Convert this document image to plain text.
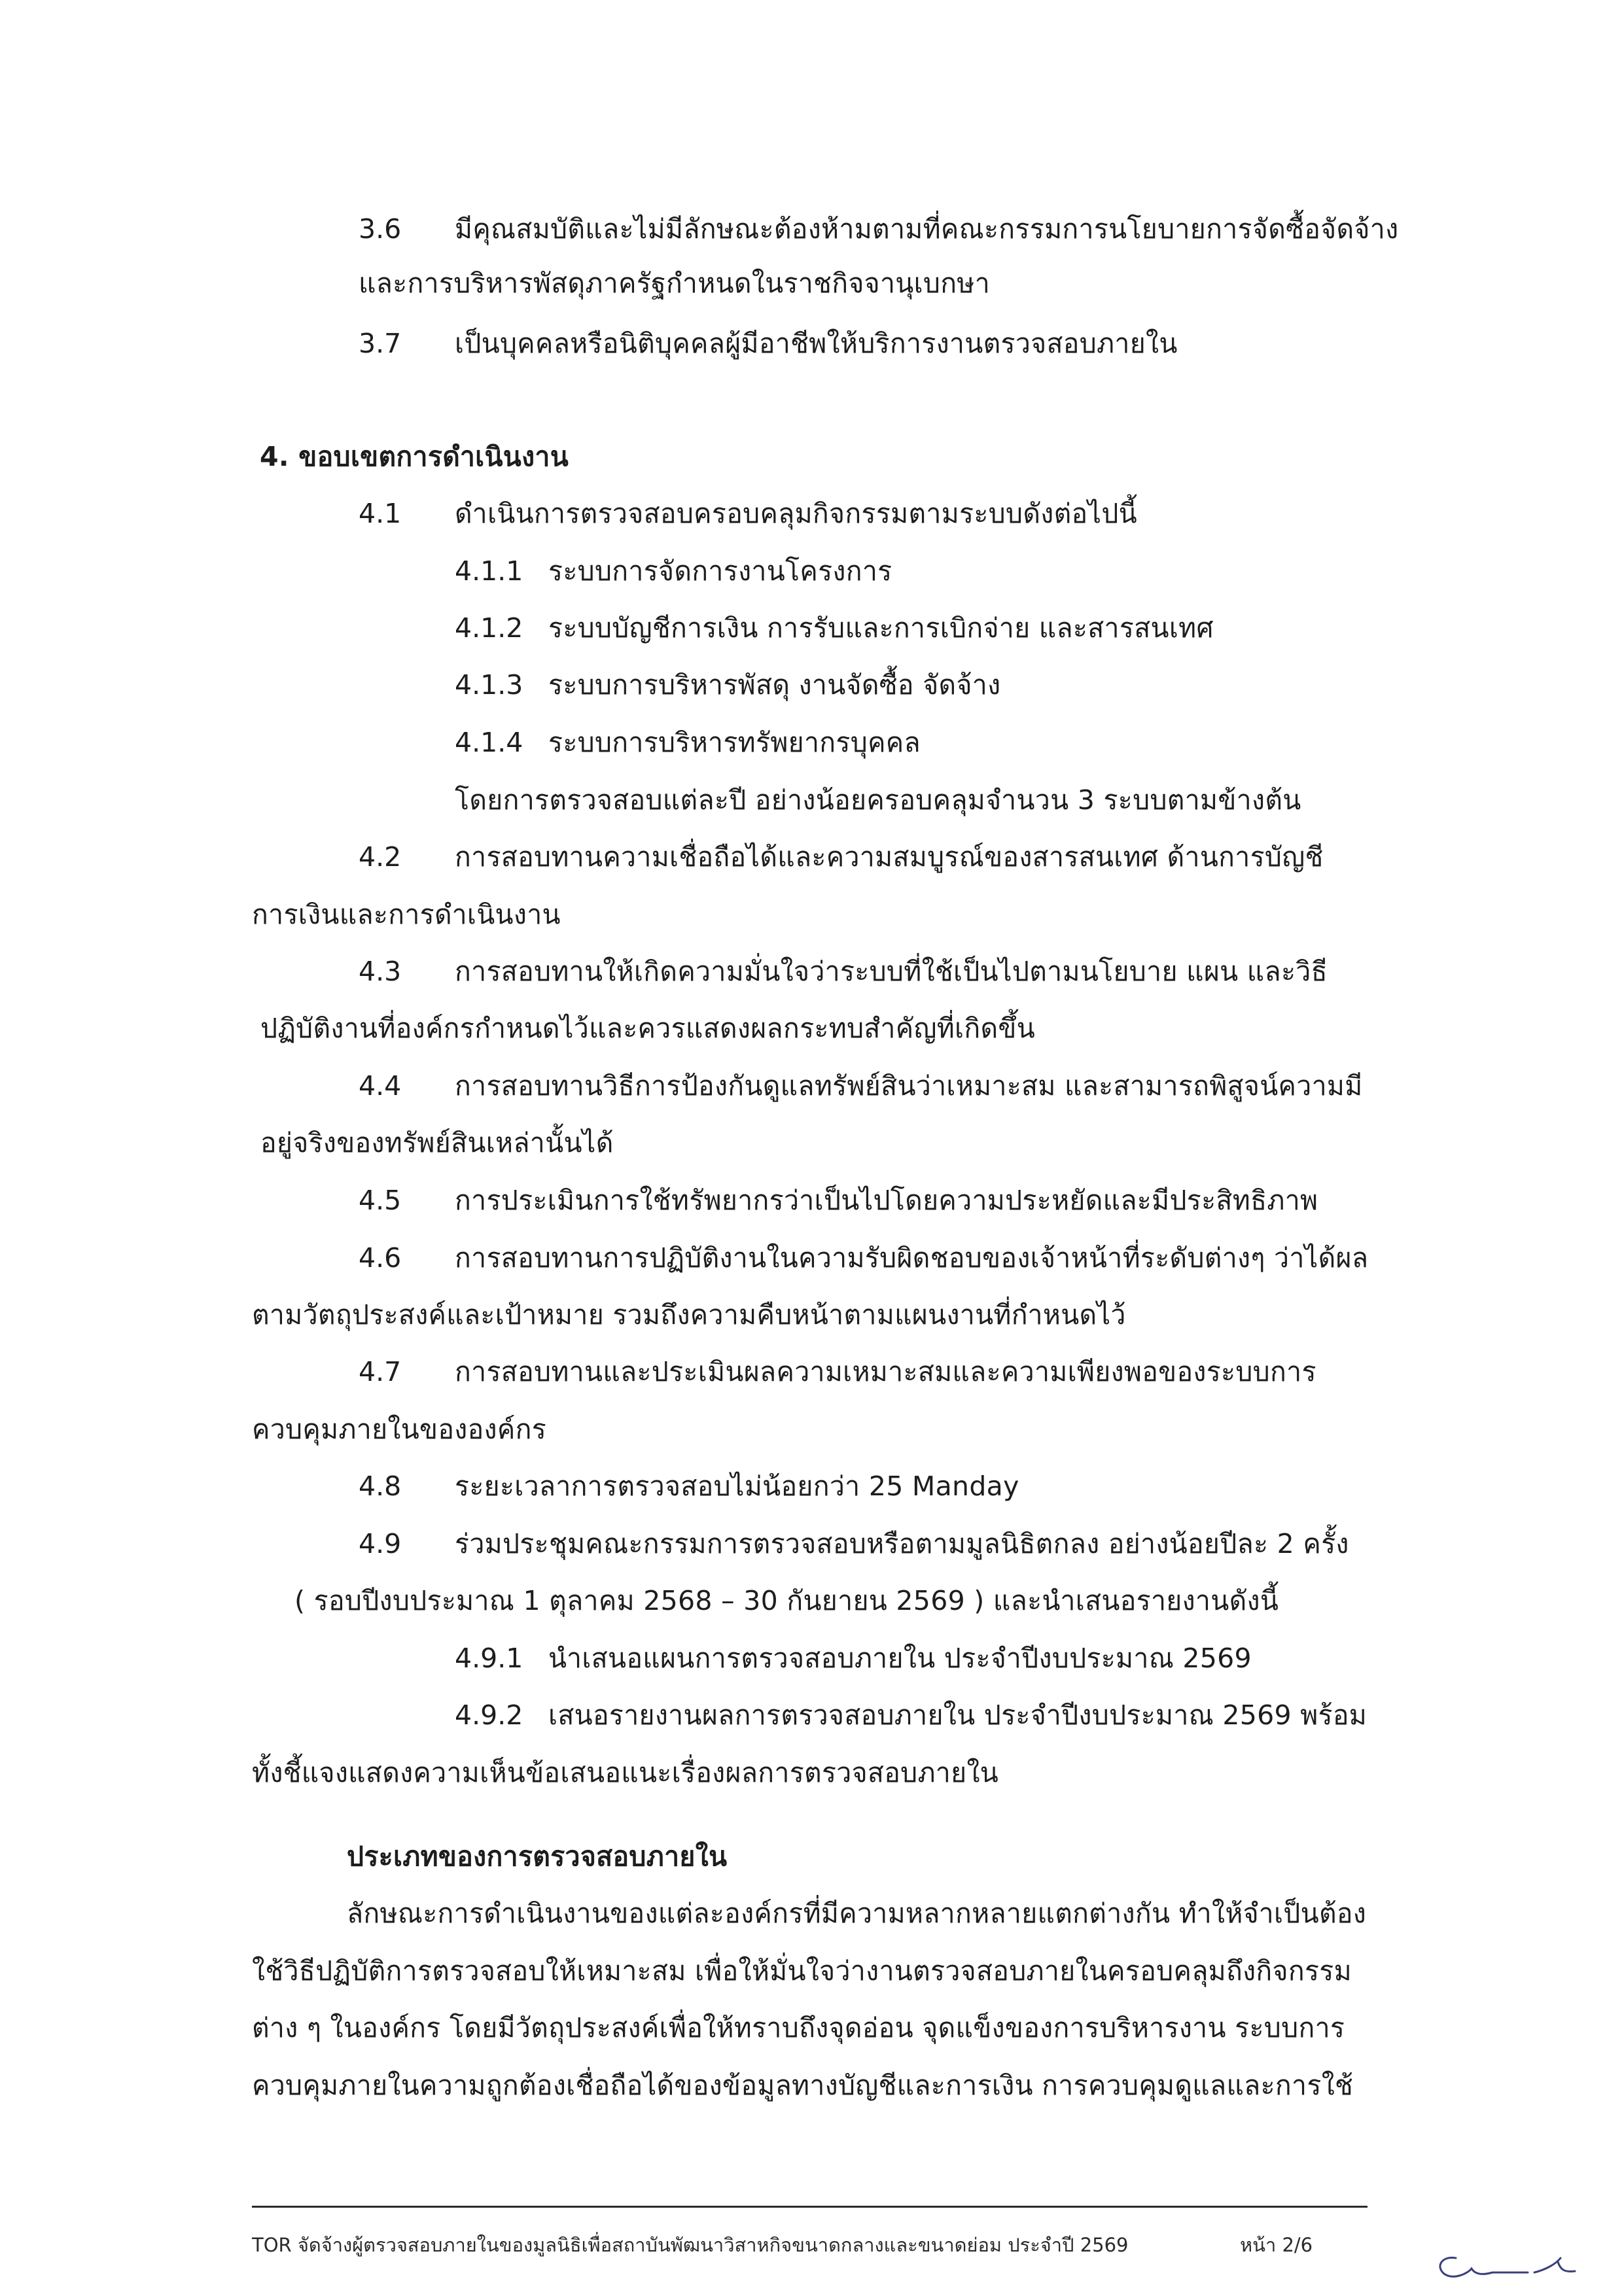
3.6 มีคุณสมบัติและไม่มีลักษณะต้องห้ามตามที่คณะกรรมการนโยบายการจัดซื้อจัดจ้าง
และการบริหารพัสดุภาครัฐกำหนดในราชกิจจานุเบกษา
3.7 เป็นบุคคลหรือนิติบุคคลผู้มีอาชีพให้บริการงานตรวจสอบภายใน
4. ขอบเขตการดำเนินงาน
4.1 ดำเนินการตรวจสอบครอบคลุมกิจกรรมตามระบบดังต่อไปนี้
4.1.1 ระบบการจัดการงานโครงการ
4.1.2 ระบบบัญชีการเงิน การรับและการเบิกจ่าย และสารสนเทศ
4.1.3 ระบบการบริหารพัสดุ งานจัดซื้อ จัดจ้าง
4.1.4 ระบบการบริหารทรัพยากรบุคคล
โดยการตรวจสอบแต่ละปี อย่างน้อยครอบคลุมจำนวน 3 ระบบตามข้างต้น
4.2 การสอบทานความเชื่อถือได้และความสมบูรณ์ของสารสนเทศ ด้านการบัญชี
การเงินและการดำเนินงาน
4.3 การสอบทานให้เกิดความมั่นใจว่าระบบที่ใช้เป็นไปตามนโยบาย แผน และวิธี
ปฏิบัติงานที่องค์กรกำหนดไว้และควรแสดงผลกระทบสำคัญที่เกิดขึ้น
4.4 การสอบทานวิธีการป้องกันดูแลทรัพย์สินว่าเหมาะสม และสามารถพิสูจน์ความมี
อยู่จริงของทรัพย์สินเหล่านั้นได้
4.5 การประเมินการใช้ทรัพยากรว่าเป็นไปโดยความประหยัดและมีประสิทธิภาพ
4.6 การสอบทานการปฏิบัติงานในความรับผิดชอบของเจ้าหน้าที่ระดับต่างๆ ว่าได้ผล
ตามวัตถุประสงค์และเป้าหมาย รวมถึงความคืบหน้าตามแผนงานที่กำหนดไว้
4.7 การสอบทานและประเมินผลความเหมาะสมและความเพียงพอของระบบการ
ควบคุมภายในขององค์กร
4.8 ระยะเวลาการตรวจสอบไม่น้อยกว่า 25 Manday
4.9 ร่วมประชุมคณะกรรมการตรวจสอบหรือตามมูลนิธิตกลง อย่างน้อยปีละ 2 ครั้ง
( รอบปีงบประมาณ 1 ตุลาคม 2568 – 30 กันยายน 2569 ) และนำเสนอรายงานดังนี้
4.9.1 นำเสนอแผนการตรวจสอบภายใน ประจำปีงบประมาณ 2569
4.9.2 เสนอรายงานผลการตรวจสอบภายใน ประจำปีงบประมาณ 2569 พร้อม
ทั้งชี้แจงแสดงความเห็นข้อเสนอแนะเรื่องผลการตรวจสอบภายใน
ประเภทของการตรวจสอบภายใน
ลักษณะการดำเนินงานของแต่ละองค์กรที่มีความหลากหลายแตกต่างกัน ทำให้จำเป็นต้อง
ใช้วิธีปฏิบัติการตรวจสอบให้เหมาะสม เพื่อให้มั่นใจว่างานตรวจสอบภายในครอบคลุมถึงกิจกรรม
ต่าง ๆ ในองค์กร โดยมีวัตถุประสงค์เพื่อให้ทราบถึงจุดอ่อน จุดแข็งของการบริหารงาน ระบบการ
ควบคุมภายในความถูกต้องเชื่อถือได้ของข้อมูลทางบัญชีและการเงิน การควบคุมดูแลและการใช้
TOR จัดจ้างผู้ตรวจสอบภายในของมูลนิธิเพื่อสถาบันพัฒนาวิสาหกิจขนาดกลางและขนาดย่อม ประจำปี 2569	หน้า 2/6
